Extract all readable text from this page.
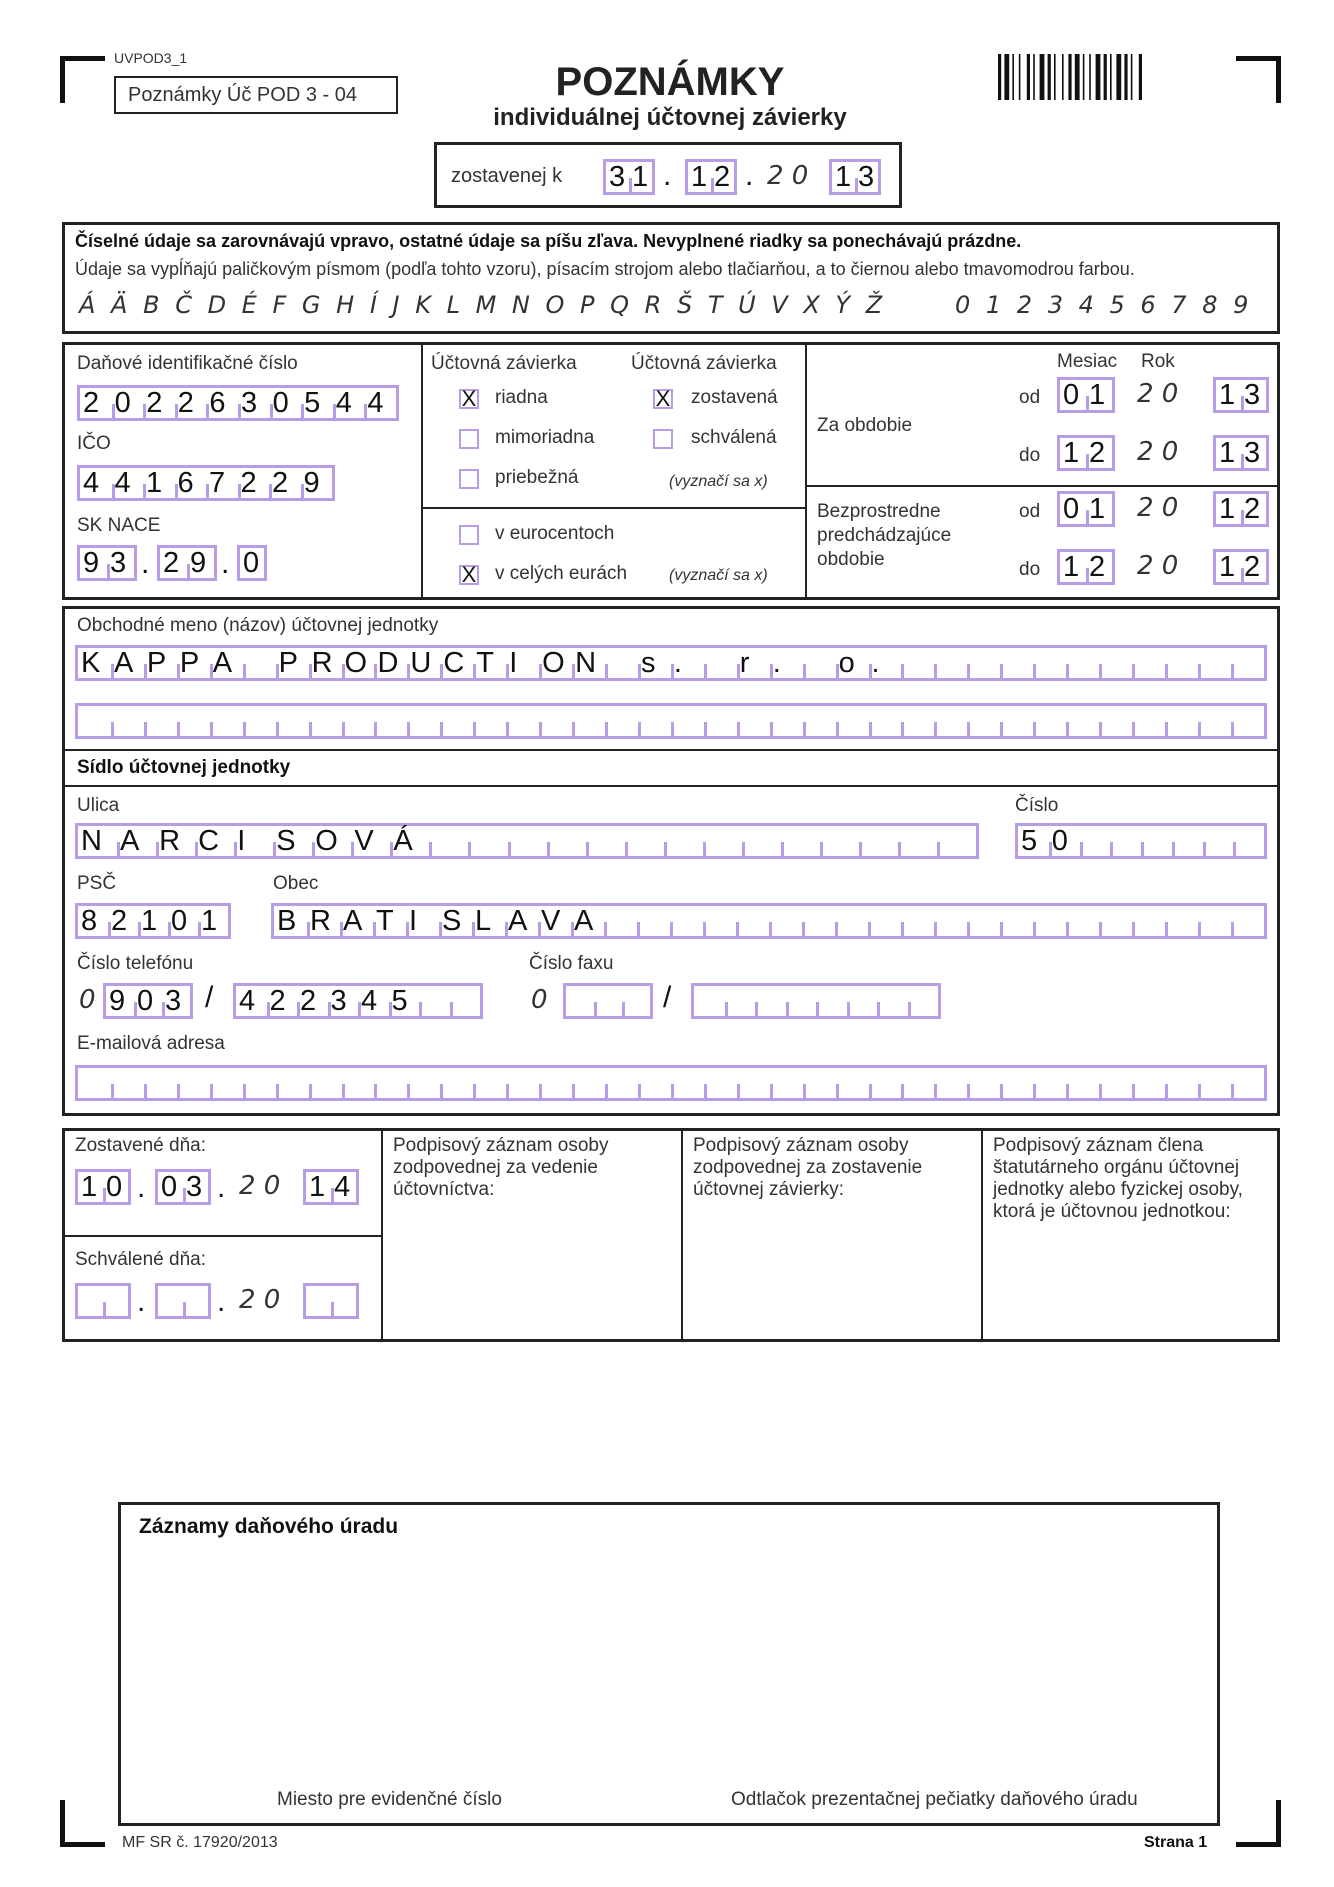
UVPOD3_1
Poznámky Úč POD 3 - 04	POZNÁMKY
individuálnej účtovnej závierky
zostavenej k 3 1 . 1 2 . 2 0 1 3
Číselné údaje sa zarovnávajú vpravo, ostatné údaje sa píšu zľava. Nevyplnené riadky sa ponechávajú prázdne.
Údaje sa vypĺňajú paličkovým písmom (podľa tohto vzoru), písacím strojom alebo tlačiarňou, a to čiernou alebo tmavomodrou farbou.
Á Ä B Č D É F G H Í J K L M N O P Q R Š T Ú V X Ý Ž	0 1 2 3 4 5 6 7 8 9
Daňové identifikačné číslo
2 0 2 2 6 3 0 5 4 4
IČO
4 4 1 6 7 2 2 9
SK NACE
9 3 . 2 9 . 0
Účtovná závierka	Účtovná závierka
X riadna
mimoriadna
priebežná
X zostavená
schválená
(vyznačí sa x)
v eurocentoch
X v celých eurách	(vyznačí sa x)
Mesiac Rok
Za obdobie
od 0 1 2 0 1 3
do 1 2 2 0 1 3
Bezprostredne
predchádzajúce
obdobie
od 0 1 2 0 1 2
do 1 2 2 0 1 2
Obchodné meno (názov) účtovnej jednotky
K A P P A	P R O D U C T I O N	s .	r .	o .
Sídlo účtovnej jednotky
Ulica
N A R C I	S O V Á
Číslo
5 0
PSČ
8 2 1 0 1
Obec
B R A T I S L A V A
Číslo telefónu
0 9 0 3 / 4 2 2 3 4 5
Číslo faxu
0	/
E-mailová adresa
Zostavené dňa:
1 0 . 0 3 . 2 0 1 4
Schválené dňa:
. . 2 0
Podpisový záznam osoby zodpovednej za vedenie účtovníctva:
Podpisový záznam osoby zodpovednej za zostavenie účtovnej závierky:
Podpisový záznam člena štatutárneho orgánu účtovnej jednotky alebo fyzickej osoby, ktorá je účtovnou jednotkou:
Záznamy daňového úradu
Miesto pre evidenčné číslo	Odtlačok prezentačnej pečiatky daňového úradu
MF SR č. 17920/2013	Strana 1
